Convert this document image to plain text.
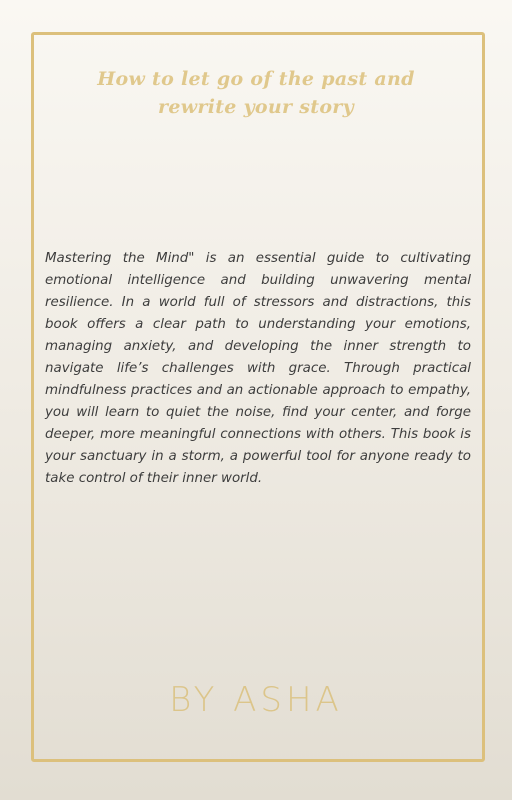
How to let go of the past and
rewrite your story

Mastering the Mind" is an essential guide to cultivating emotional intelligence and building unwavering mental resilience. In a world full of stressors and distractions, this book offers a clear path to understanding your emotions, managing anxiety, and developing the inner strength to navigate life’s challenges with grace. Through practical mindfulness practices and an actionable approach to empathy, you will learn to quiet the noise, find your center, and forge deeper, more meaningful connections with others. This book is your sanctuary in a storm, a powerful tool for anyone ready to take control of their inner world.

BY ASHA
